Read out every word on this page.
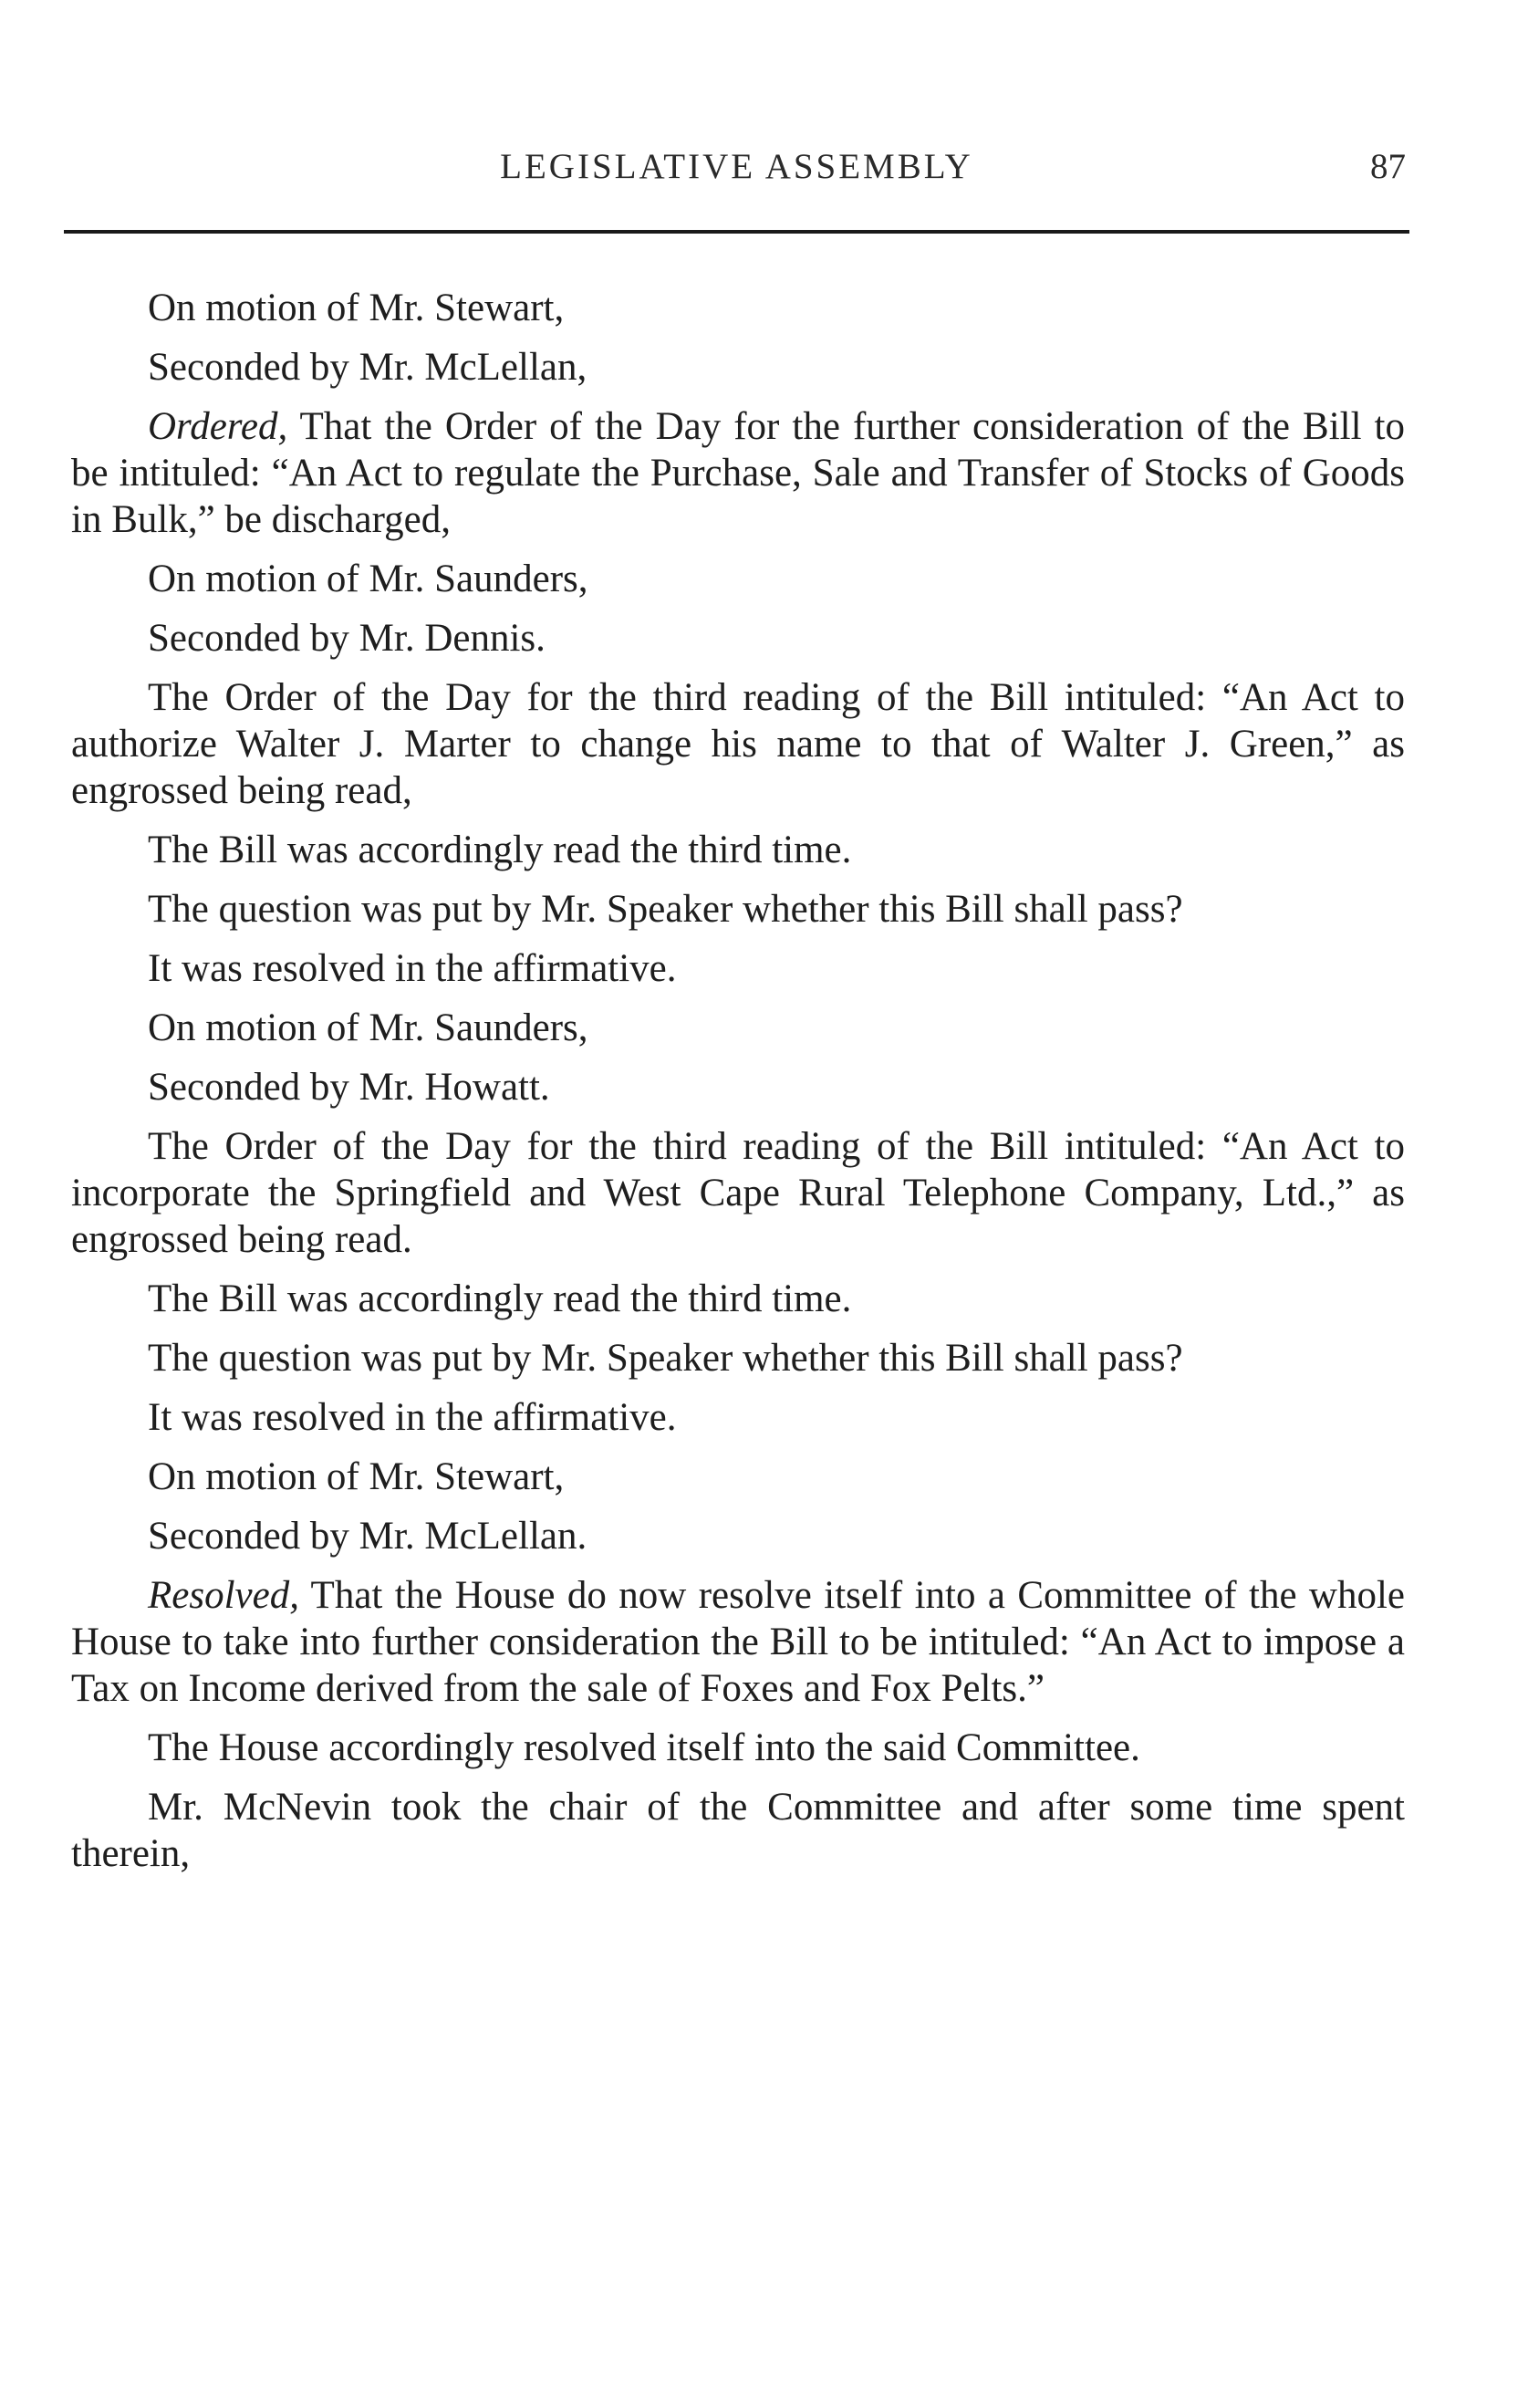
LEGISLATIVE ASSEMBLY	87

On motion of Mr. Stewart,

Seconded by Mr. McLellan,

Ordered, That the Order of the Day for the further consideration of the Bill to be intituled: “An Act to regulate the Purchase, Sale and Transfer of Stocks of Goods in Bulk,” be discharged,

On motion of Mr. Saunders,

Seconded by Mr. Dennis.

The Order of the Day for the third reading of the Bill intituled: “An Act to authorize Walter J. Marter to change his name to that of Walter J. Green,” as engrossed being read,

The Bill was accordingly read the third time.

The question was put by Mr. Speaker whether this Bill shall pass?

It was resolved in the affirmative.

On motion of Mr. Saunders,

Seconded by Mr. Howatt.

The Order of the Day for the third reading of the Bill intituled: “An Act to incorporate the Springfield and West Cape Rural Telephone Company, Ltd.,” as engrossed being read.

The Bill was accordingly read the third time.

The question was put by Mr. Speaker whether this Bill shall pass?

It was resolved in the affirmative.

On motion of Mr. Stewart,

Seconded by Mr. McLellan.

Resolved, That the House do now resolve itself into a Committee of the whole House to take into further consideration the Bill to be intituled: “An Act to impose a Tax on Income derived from the sale of Foxes and Fox Pelts.”

The House accordingly resolved itself into the said Committee.

Mr. McNevin took the chair of the Committee and after some time spent therein,
